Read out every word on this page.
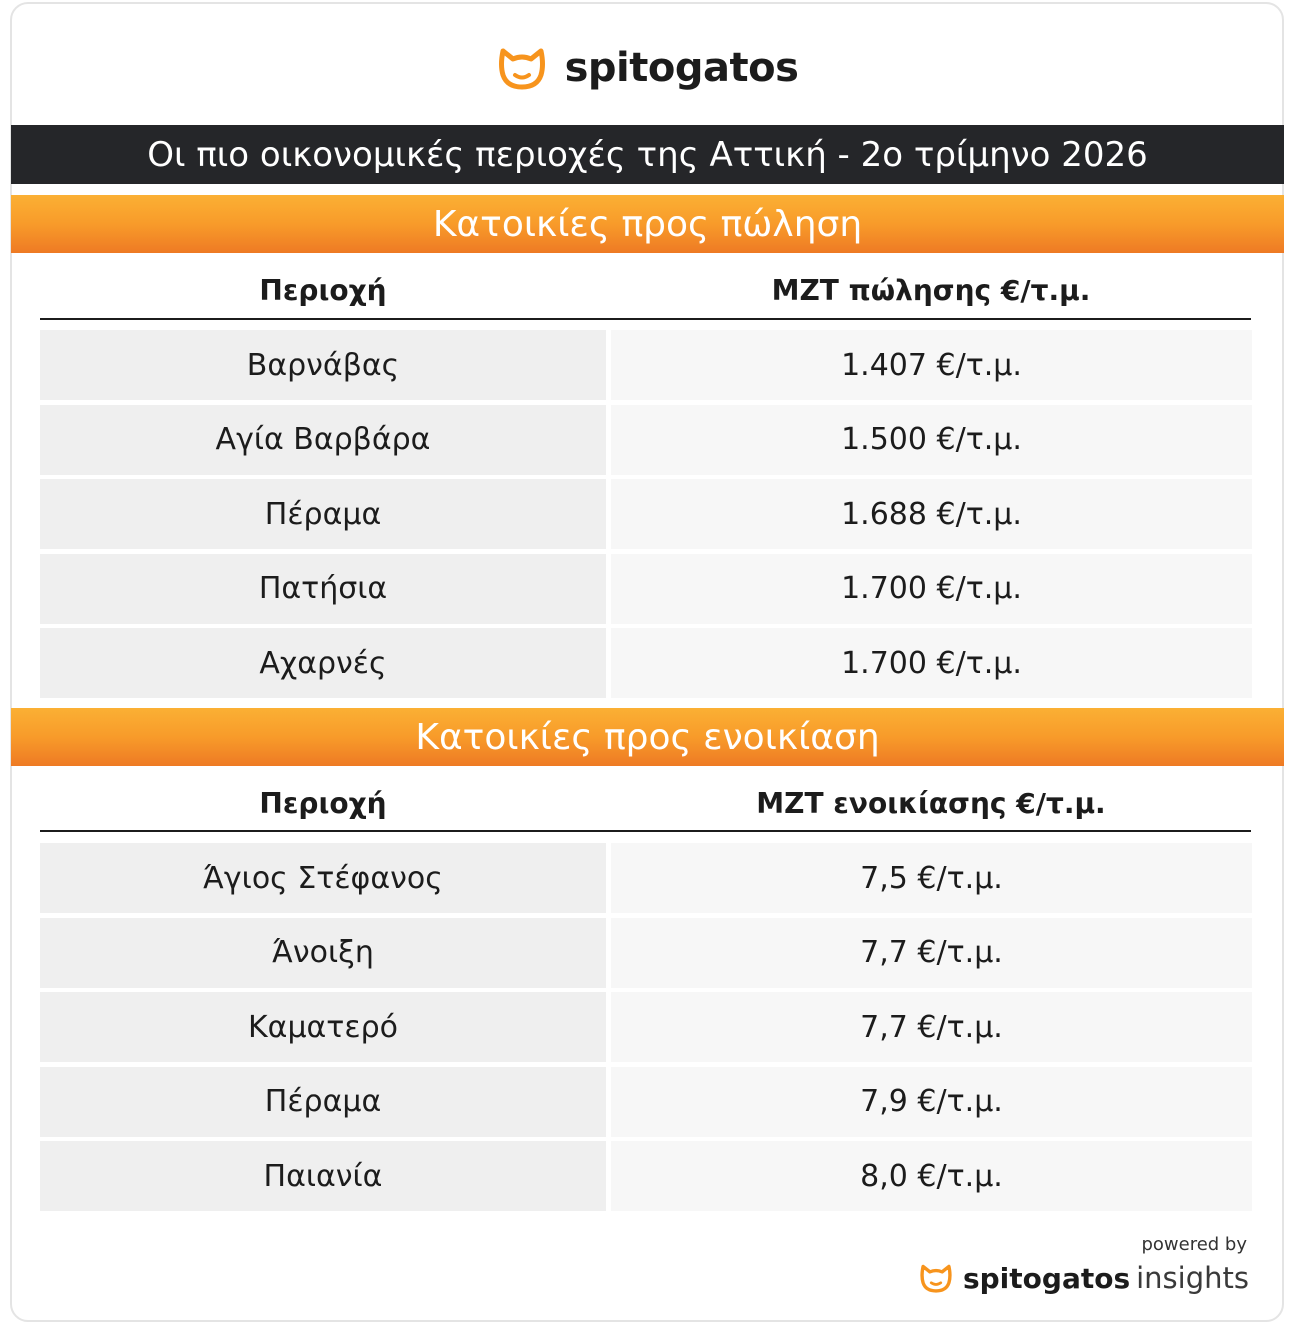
spitogatos
Οι πιο οικονομικές περιοχές της Αττική - 2ο τρίμηνο 2026
Κατοικίες προς πώληση
Περιοχή	ΜΖΤ πώλησης €/τ.μ.
Βαρνάβας	1.407 €/τ.μ.
Αγία Βαρβάρα	1.500 €/τ.μ.
Πέραμα	1.688 €/τ.μ.
Πατήσια	1.700 €/τ.μ.
Αχαρνές	1.700 €/τ.μ.
Κατοικίες προς ενοικίαση
Περιοχή	ΜΖΤ ενοικίασης €/τ.μ.
Άγιος Στέφανος	7,5 €/τ.μ.
Άνοιξη	7,7 €/τ.μ.
Καματερό	7,7 €/τ.μ.
Πέραμα	7,9 €/τ.μ.
Παιανία	8,0 €/τ.μ.
powered by
spitogatos insights
